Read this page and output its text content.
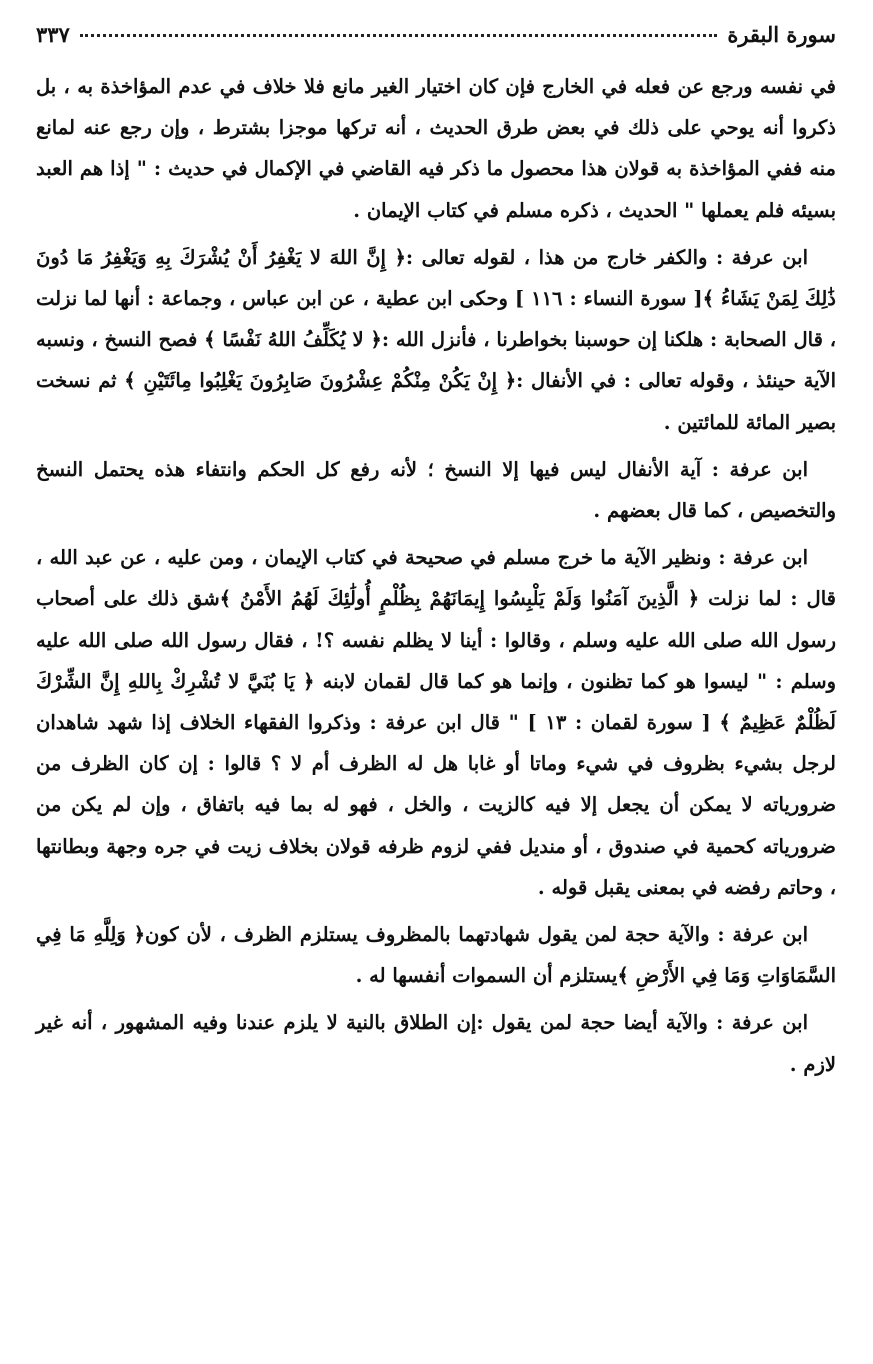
سورة البقرة
٣٣٧

في نفسه ورجع عن فعله في الخارج فإن كان اختيار الغير مانع فلا خلاف في عدم المؤاخذة به ، بل ذكروا أنه يوحي على ذلك في بعض طرق الحديث ، أنه تركها موجزا بشترط ، وإن رجع عنه لمانع منه ففي المؤاخذة به قولان هذا محصول ما ذكر فيه القاضي في الإكمال في حديث : " إذا هم العبد بسيئه فلم يعملها " الحديث ، ذكره مسلم في كتاب الإيمان .

ابن عرفة : والكفر خارج من هذا ، لقوله تعالى :﴿ إِنَّ اللهَ لا يَغْفِرُ أَنْ يُشْرَكَ بِهِ وَيَغْفِرُ مَا دُونَ ذَٰلِكَ لِمَنْ يَشَاءُ ﴾[ سورة النساء : ١١٦ ] وحكى ابن عطية ، عن ابن عباس ، وجماعة : أنها لما نزلت ، قال الصحابة : هلكنا إن حوسبنا بخواطرنا ، فأنزل الله :﴿ لا يُكَلِّفُ اللهُ نَفْسًا ﴾ فصح النسخ ، ونسبه الآية حينئذ ، وقوله تعالى : في الأنفال :﴿ إِنْ يَكُنْ مِنْكُمْ عِشْرُونَ صَابِرُونَ يَغْلِبُوا مِائَتَيْنِ ﴾ ثم نسخت بصير المائة للمائتين .

ابن عرفة : آية الأنفال ليس فيها إلا النسخ ؛ لأنه رفع كل الحكم وانتفاء هذه يحتمل النسخ والتخصيص ، كما قال بعضهم .

ابن عرفة : ونظير الآية ما خرج مسلم في صحيحة في كتاب الإيمان ، ومن عليه ، عن عبد الله ، قال : لما نزلت ﴿ الَّذِينَ آمَنُوا وَلَمْ يَلْبِسُوا إِيمَانَهُمْ بِظُلْمٍ أُولَٰئِكَ لَهُمُ الأَمْنُ ﴾شق ذلك على أصحاب رسول الله صلى الله عليه وسلم ، وقالوا : أينا لا يظلم نفسه ؟! ، فقال رسول الله صلى الله عليه وسلم : " ليسوا هو كما تظنون ، وإنما هو كما قال لقمان لابنه ﴿ يَا بُنَيَّ لا تُشْرِكْ بِاللهِ إِنَّ الشِّرْكَ لَظُلْمٌ عَظِيمٌ ﴾ [ سورة لقمان : ١٣ ] " قال ابن عرفة : وذكروا الفقهاء الخلاف إذا شهد شاهدان لرجل بشيء بظروف في شيء وماتا أو غابا هل له الظرف أم لا ؟ قالوا : إن كان الظرف من ضرورياته لا يمكن أن يجعل إلا فيه كالزيت ، والخل ، فهو له بما فيه باتفاق ، وإن لم يكن من ضرورياته كحمية في صندوق ، أو منديل ففي لزوم ظرفه قولان بخلاف زيت في جره وجهة وبطانتها ، وحاتم رفضه في بمعنى يقبل قوله .

ابن عرفة : والآية حجة لمن يقول شهادتهما بالمظروف يستلزم الظرف ، لأن كون﴿ وَلِلَّهِ مَا فِي السَّمَاوَاتِ وَمَا فِي الأَرْضِ ﴾يستلزم أن السموات أنفسها له .

ابن عرفة : والآية أيضا حجة لمن يقول :إن الطلاق بالنية لا يلزم عندنا وفيه المشهور ، أنه غير لازم .
